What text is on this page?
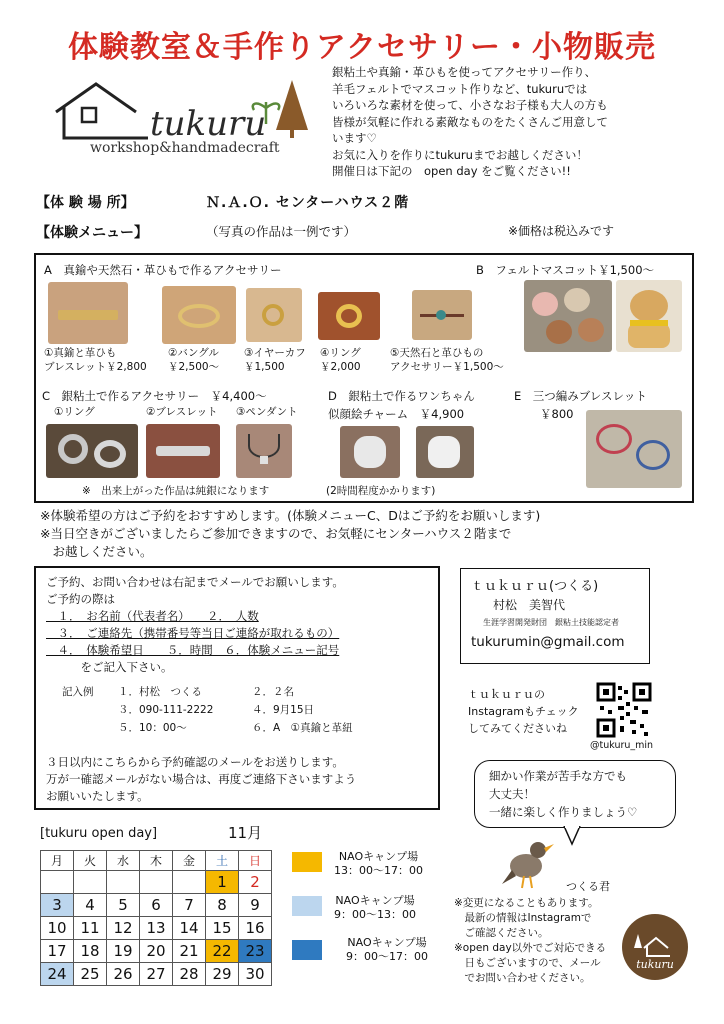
体験教室＆手作りアクセサリー・小物販売
tukuru
workshop&handmadecraft
銀粘土や真鍮・革ひもを使ってアクセサリー作り、
羊毛フェルトでマスコット作りなど、tukuruでは
いろいろな素材を使って、小さなお子様も大人の方も
皆様が気軽に作れる素敵なものをたくさんご用意して
います♡
お気に入りを作りにtukuruまでお越しください！
開催日は下記の　open day をご覧ください!!
【体 験 場 所】	Ｎ.Ａ.Ｏ. センターハウス２階
【体験メニュー】	（写真の作品は一例です）	※価格は税込みです
A　真鍮や天然石・革ひもで作るアクセサリー
①真鍮と革ひも
ブレスレット￥2,800
②バングル
￥2,500～
③イヤーカフ
￥1,500
④リング
￥2,000
⑤天然石と革ひもの
アクセサリー￥1,500～
B　フェルトマスコット￥1,500～
C　銀粘土で作るアクセサリー　￥4,400～
①リング	②ブレスレット ③ペンダント
D　銀粘土で作るワンちゃん
似顔絵チャーム　￥4,900
E　三つ編みブレスレット
￥800
※　出来上がった作品は純銀になります	(2時間程度かかります)
※体験希望の方はご予約をおすすめします。(体験メニューC、Dはご予約をお願いします)
※当日空きがございましたらご参加できますので、お気軽にセンターハウス２階まで
　お越しください。
ご予約、お問い合わせは右記までメールでお願いします。
ご予約の際は
　１．　お名前（代表者名）　　２．　人数
　３．　ご連絡先（携帯番号等当日ご連絡が取れるもの）
　４．　体験希望日　　５．時間　６．体験メニュー記号
　　　をご記入下さい。
記入例 １．村松　つくる	２．２名
３．090-111-2222	４．9月15日
５．10：00～	６．A　①真鍮と革紐
３日以内にこちらから予約確認のメールをお送りします。
万が一確認メールがない場合は、再度ご連絡下さいますよう
お願いいたします。
ｔｕｋｕｒｕ(つくる)
村松　美智代
生涯学習開発財団　銀粘土技能認定者
tukurumin@gmail.com
ｔｕｋｕｒｕの
Instagramもチェック
してみてくださいね
@tukuru_min
細かい作業が苦手な方でも
大丈夫！
一緒に楽しく作りましょう♡
つくる君
[tukuru open day]	11月
月	火	水	木	金	土	日
					1	2
3	4	5	6	7	8	9
10	11	12	13	14	15	16
17	18	19	20	21	22	23
24	25	26	27	28	29	30
NAOキャンプ場
13：00～17：00
NAOキャンプ場
9：00～13：00
NAOキャンプ場
9：00～17：00
※変更になることもあります。
　最新の情報はInstagramで
　ご確認ください。
※open day以外でご対応できる
　日もございますので、メール
　でお問い合わせください。
tukuru
